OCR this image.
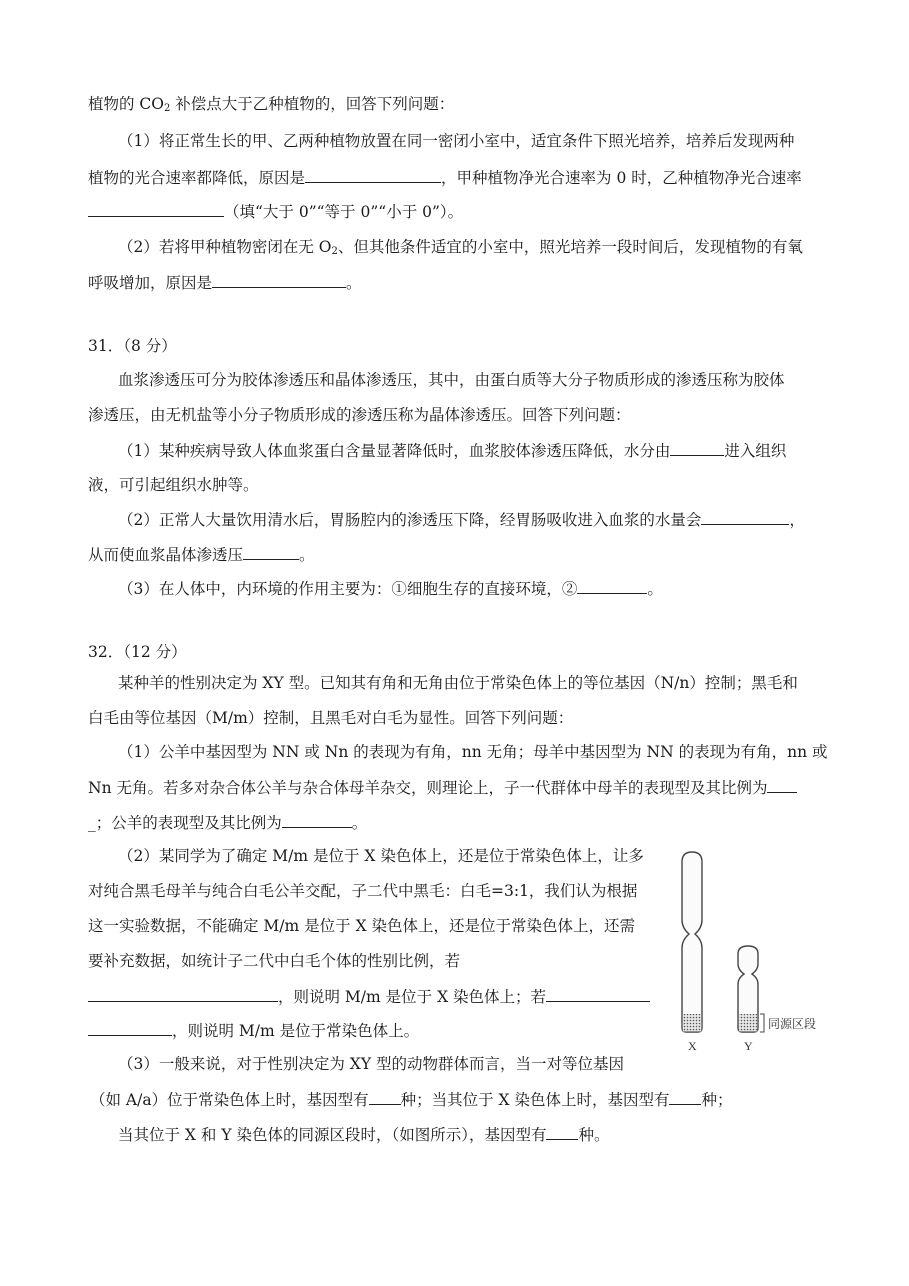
植物的 $CO_2$ 补偿点大于乙种植物的，回答下列问题：
（1）将正常生长的甲、乙两种植物放置在同一密闭小室中，适宜条件下照光培养，培养后发现两种
植物的光合速率都降低，原因是	，甲种植物净光合速率为 0 时，乙种植物净光合速率
（填“大于 0”“等于 0”“小于 0”）。
（2）若将甲种植物密闭在无 $O_2$、但其他条件适宜的小室中，照光培养一段时间后，发现植物的有氧
呼吸增加，原因是	。
31．（8 分）
血浆渗透压可分为胶体渗透压和晶体渗透压，其中，由蛋白质等大分子物质形成的渗透压称为胶体
渗透压，由无机盐等小分子物质形成的渗透压称为晶体渗透压。回答下列问题：
（1）某种疾病导致人体血浆蛋白含量显著降低时，血浆胶体渗透压降低，水分由	进入组织
液，可引起组织水肿等。
（2）正常人大量饮用清水后，胃肠腔内的渗透压下降，经胃肠吸收进入血浆的水量会	，
从而使血浆晶体渗透压	。
（3）在人体中，内环境的作用主要为：①细胞生存的直接环境，②	。
32．（12 分）
某种羊的性别决定为 XY 型。已知其有角和无角由位于常染色体上的等位基因（N/n）控制；黑毛和
白毛由等位基因（M/m）控制，且黑毛对白毛为显性。回答下列问题：
（1）公羊中基因型为 NN 或 Nn 的表现为有角，nn 无角；母羊中基因型为 NN 的表现为有角，nn 或
Nn 无角。若多对杂合体公羊与杂合体母羊杂交，则理论上，子一代群体中母羊的表现型及其比例为
_；公羊的表现型及其比例为	。
（2）某同学为了确定 M/m 是位于 X 染色体上，还是位于常染色体上，让多
对纯合黑毛母羊与纯合白毛公羊交配，子二代中黑毛：白毛=3:1，我们认为根据
这一实验数据，不能确定 M/m 是位于 X 染色体上，还是位于常染色体上，还需
要补充数据，如统计子二代中白毛个体的性别比例，若
，则说明 M/m 是位于 X 染色体上；若
，则说明 M/m 是位于常染色体上。
（3）一般来说，对于性别决定为 XY 型的动物群体而言，当一对等位基因
（如 A/a）位于常染色体上时，基因型有 种；当其位于 X 染色体上时，基因型有 种；
当其位于 X 和 Y 染色体的同源区段时，（如图所示），基因型有 种。
X	Y
同源区段
